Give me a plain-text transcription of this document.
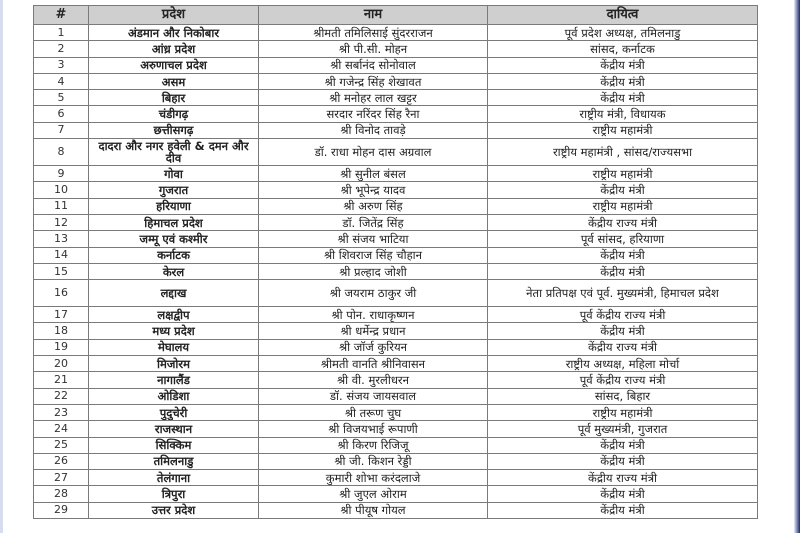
#	प्रदेश	नाम	दायित्व
1	अंडमान और निकोबार	श्रीमती तमिलिसाई सुंदरराजन	पूर्व प्रदेश अध्यक्ष, तमिलनाडु
2	आंध्र प्रदेश	श्री पी.सी. मोहन	सांसद, कर्नाटक
3	अरुणाचल प्रदेश	श्री सर्बानंद सोनोवाल	केंद्रीय मंत्री
4	असम	श्री गजेन्द्र सिंह शेखावत	केंद्रीय मंत्री
5	बिहार	श्री मनोहर लाल खट्टर	केंद्रीय मंत्री
6	चंडीगढ़	सरदार नरिंदर सिंह रैना	राष्ट्रीय मंत्री, विधायक
7	छत्तीसगढ़	श्री विनोद तावड़े	राष्ट्रीय महामंत्री
8	दादरा और नगर हवेली & दमन और दीव	डॉ. राधा मोहन दास अग्रवाल	राष्ट्रीय महामंत्री , सांसद/राज्यसभा
9	गोवा	श्री सुनील बंसल	राष्ट्रीय महामंत्री
10	गुजरात	श्री भूपेन्द्र यादव	केंद्रीय मंत्री
11	हरियाणा	श्री अरुण सिंह	राष्ट्रीय महामंत्री
12	हिमाचल प्रदेश	डॉ. जितेंद्र सिंह	केंद्रीय राज्य मंत्री
13	जम्मू एवं कश्मीर	श्री संजय भाटिया	पूर्व सांसद, हरियाणा
14	कर्नाटक	श्री शिवराज सिंह चौहान	केंद्रीय मंत्री
15	केरल	श्री प्रल्हाद जोशी	केंद्रीय मंत्री
16	लद्दाख	श्री जयराम ठाकुर जी	नेता प्रतिपक्ष एवं पूर्व. मुख्यमंत्री, हिमाचल प्रदेश
17	लक्षद्वीप	श्री पोन. राधाकृष्णन	पूर्व केंद्रीय राज्य मंत्री
18	मध्य प्रदेश	श्री धर्मेन्द्र प्रधान	केंद्रीय मंत्री
19	मेघालय	श्री जॉर्ज कुरियन	केंद्रीय राज्य मंत्री
20	मिजोरम	श्रीमती वानति श्रीनिवासन	राष्ट्रीय अध्यक्ष, महिला मोर्चा
21	नागालैंड	श्री वी. मुरलीधरन	पूर्व केंद्रीय राज्य मंत्री
22	ओडिशा	डॉ. संजय जायसवाल	सांसद, बिहार
23	पुदुचेरी	श्री तरूण चुघ	राष्ट्रीय महामंत्री
24	राजस्थान	श्री विजयभाई रूपाणी	पूर्व मुख्यमंत्री, गुजरात
25	सिक्किम	श्री किरण रिजिजू	केंद्रीय मंत्री
26	तमिलनाडु	श्री जी. किशन रेड्डी	केंद्रीय मंत्री
27	तेलंगाना	कुमारी शोभा करंदलाजे	केंद्रीय राज्य मंत्री
28	त्रिपुरा	श्री जुएल ओराम	केंद्रीय मंत्री
29	उत्तर प्रदेश	श्री पीयूष गोयल	केंद्रीय मंत्री
